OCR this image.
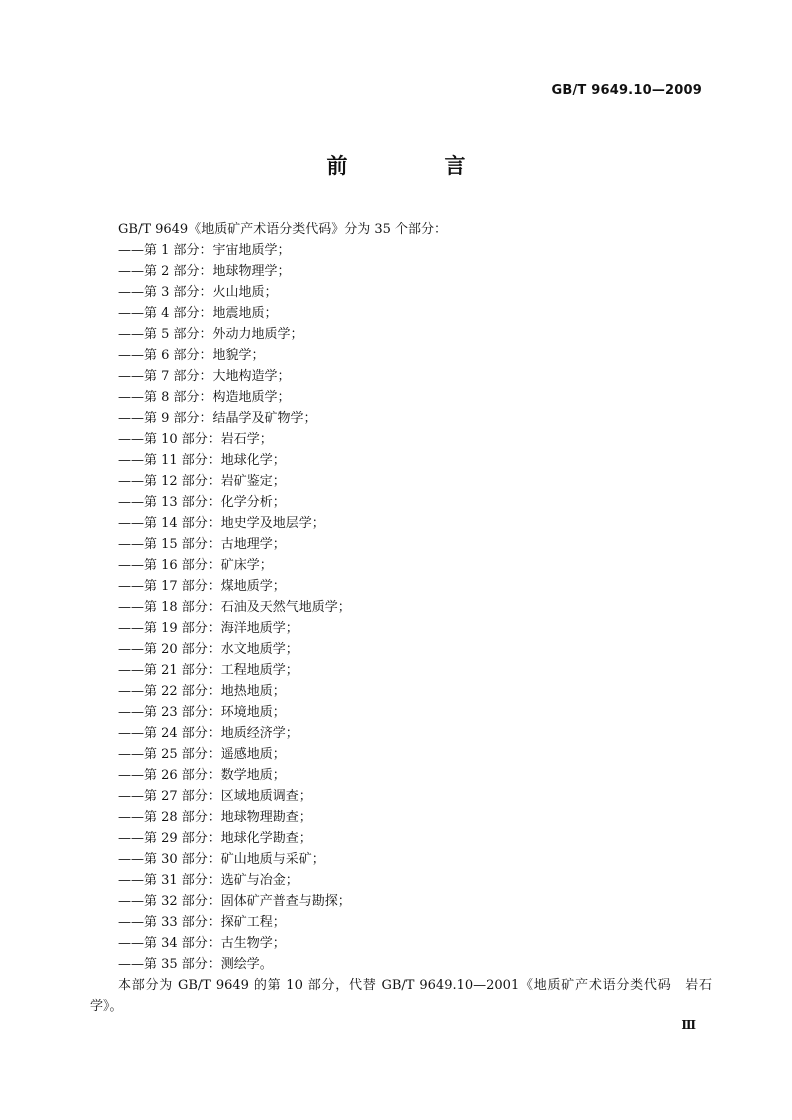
GB/T 9649.10—2009
前　言
GB/T 9649《地质矿产术语分类代码》分为 35 个部分：
——第 1 部分：宇宙地质学；
——第 2 部分：地球物理学；
——第 3 部分：火山地质；
——第 4 部分：地震地质；
——第 5 部分：外动力地质学；
——第 6 部分：地貌学；
——第 7 部分：大地构造学；
——第 8 部分：构造地质学；
——第 9 部分：结晶学及矿物学；
——第 10 部分：岩石学；
——第 11 部分：地球化学；
——第 12 部分：岩矿鉴定；
——第 13 部分：化学分析；
——第 14 部分：地史学及地层学；
——第 15 部分：古地理学；
——第 16 部分：矿床学；
——第 17 部分：煤地质学；
——第 18 部分：石油及天然气地质学；
——第 19 部分：海洋地质学；
——第 20 部分：水文地质学；
——第 21 部分：工程地质学；
——第 22 部分：地热地质；
——第 23 部分：环境地质；
——第 24 部分：地质经济学；
——第 25 部分：遥感地质；
——第 26 部分：数学地质；
——第 27 部分：区域地质调查；
——第 28 部分：地球物理勘查；
——第 29 部分：地球化学勘查；
——第 30 部分：矿山地质与采矿；
——第 31 部分：选矿与冶金；
——第 32 部分：固体矿产普查与勘探；
——第 33 部分：探矿工程；
——第 34 部分：古生物学；
——第 35 部分：测绘学。
本部分为 GB/T 9649 的第 10 部分，代替 GB/T 9649.10—2001《地质矿产术语分类代码　岩石学》。
Ⅲ
